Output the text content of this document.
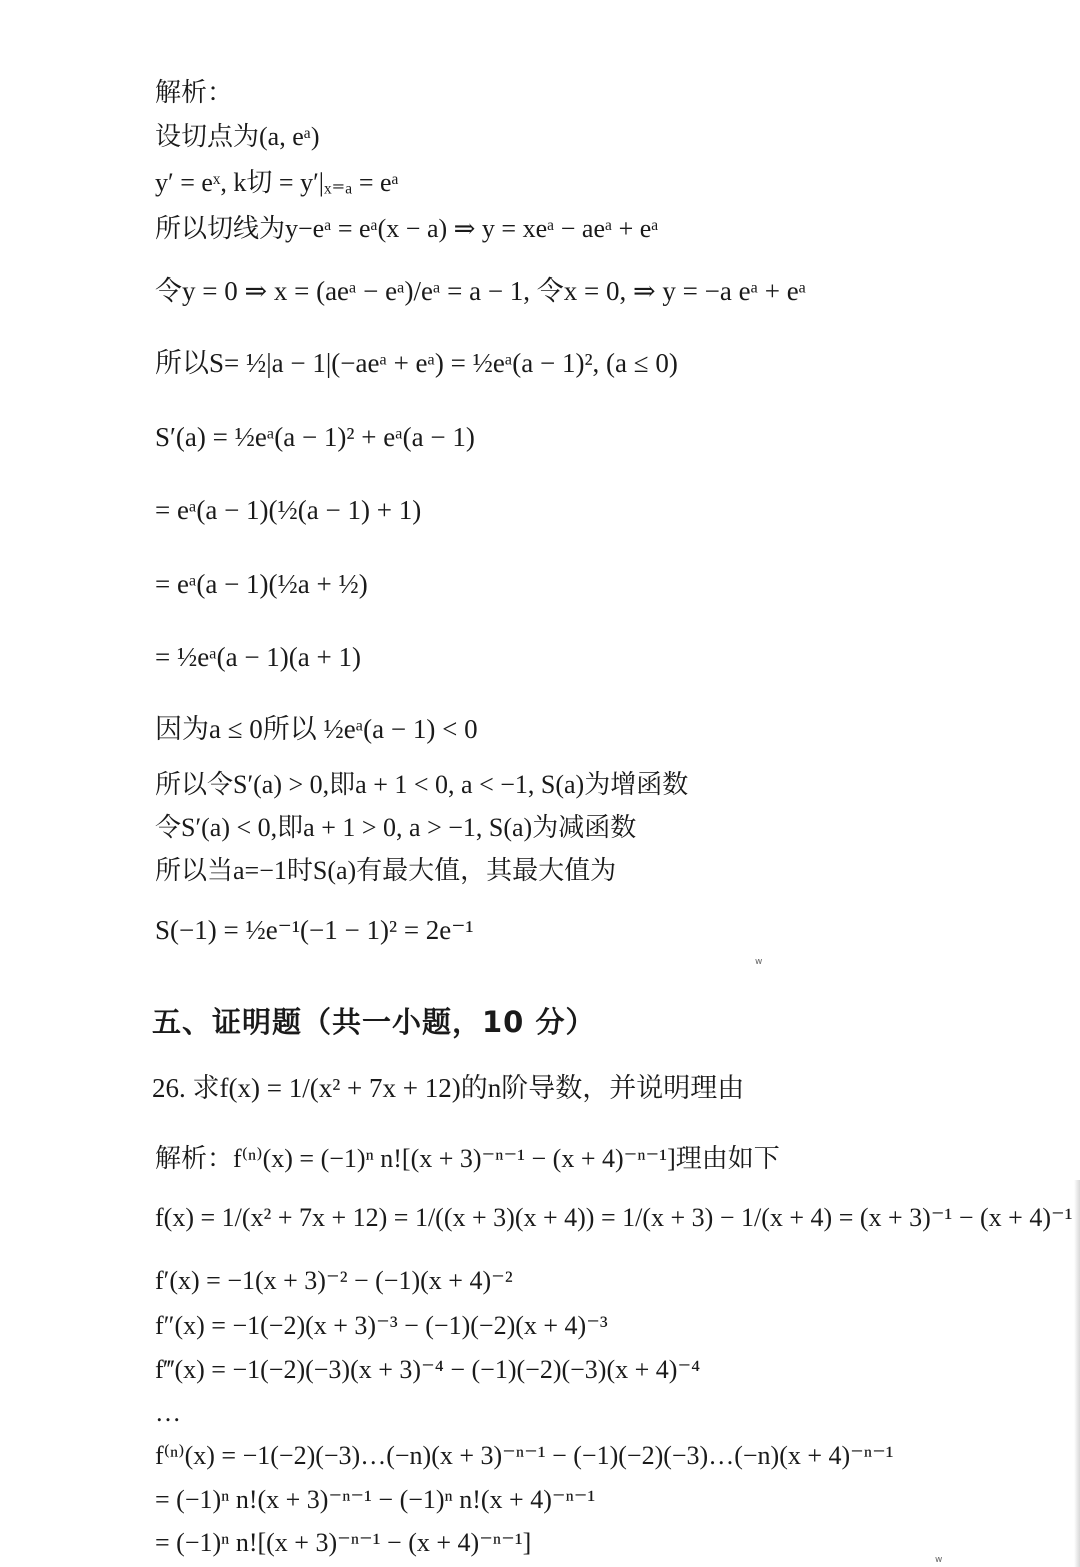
解析：
设切点为(a, eᵃ)
y′ = eˣ, k切 = y′|ₓ₌ₐ = eᵃ
所以切线为y−eᵃ = eᵃ(x − a) ⇒ y = xeᵃ − aeᵃ + eᵃ
令y = 0 ⇒ x = (aeᵃ − eᵃ)/eᵃ = a − 1, 令x = 0, ⇒ y = −a eᵃ + eᵃ
所以S= ½|a − 1|(−aeᵃ + eᵃ) = ½eᵃ(a − 1)², (a ≤ 0)
S′(a) = ½eᵃ(a − 1)² + eᵃ(a − 1)
= eᵃ(a − 1)(½(a − 1) + 1)
= eᵃ(a − 1)(½a + ½)
= ½eᵃ(a − 1)(a + 1)
因为a ≤ 0所以 ½eᵃ(a − 1) < 0
所以令S′(a) > 0,即a + 1 < 0, a < −1, S(a)为增函数
令S′(a) < 0,即a + 1 > 0, a > −1, S(a)为减函数
所以当a=−1时S(a)有最大值，其最大值为
S(−1) = ½e⁻¹(−1 − 1)² = 2e⁻¹
w
五、证明题（共一小题，10 分）
26. 求f(x) = 1/(x² + 7x + 12)的n阶导数，并说明理由
解析：f⁽ⁿ⁾(x) = (−1)ⁿ n![(x + 3)⁻ⁿ⁻¹ − (x + 4)⁻ⁿ⁻¹]理由如下
f(x) = 1/(x² + 7x + 12) = 1/((x + 3)(x + 4)) = 1/(x + 3) − 1/(x + 4) = (x + 3)⁻¹ − (x + 4)⁻¹
f′(x) = −1(x + 3)⁻² − (−1)(x + 4)⁻²
f″(x) = −1(−2)(x + 3)⁻³ − (−1)(−2)(x + 4)⁻³
f‴(x) = −1(−2)(−3)(x + 3)⁻⁴ − (−1)(−2)(−3)(x + 4)⁻⁴
…
f⁽ⁿ⁾(x) = −1(−2)(−3)…(−n)(x + 3)⁻ⁿ⁻¹ − (−1)(−2)(−3)…(−n)(x + 4)⁻ⁿ⁻¹
= (−1)ⁿ n!(x + 3)⁻ⁿ⁻¹ − (−1)ⁿ n!(x + 4)⁻ⁿ⁻¹
= (−1)ⁿ n![(x + 3)⁻ⁿ⁻¹ − (x + 4)⁻ⁿ⁻¹]
w
